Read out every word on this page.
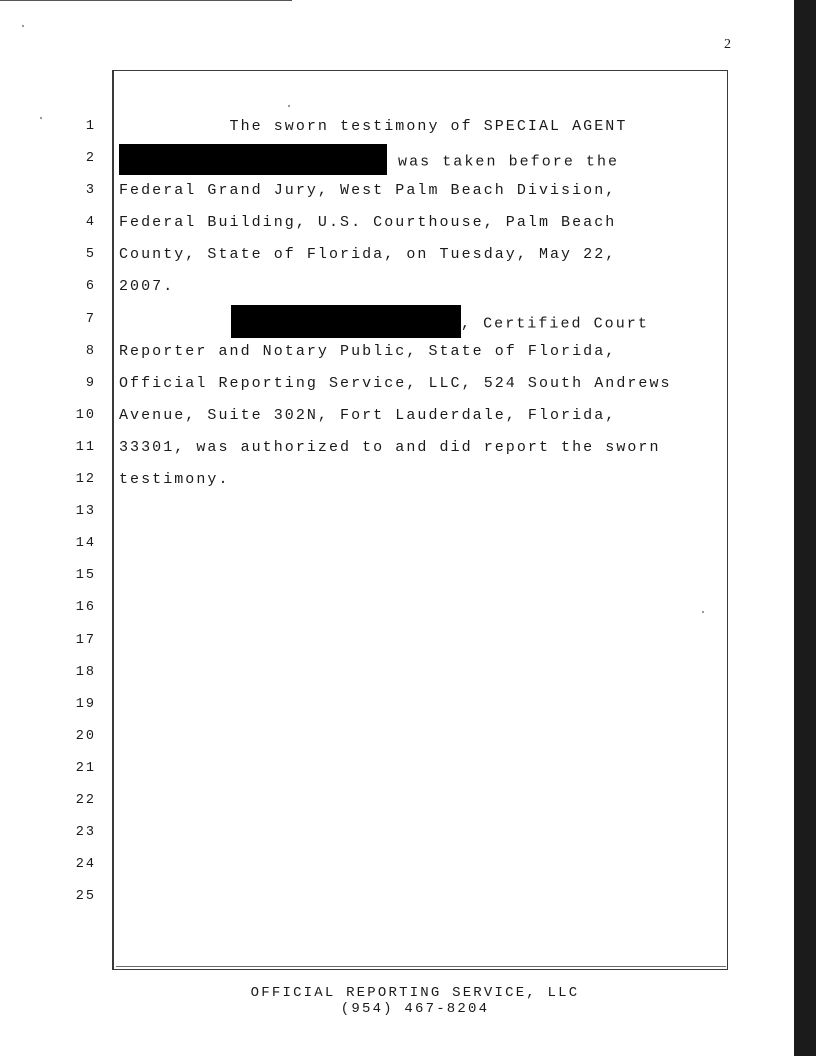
2
1
2
3
4
5
6
7
8
9
10
11
12
13
14
15
16
17
18
19
20
21
22
23
24
25
The sworn testimony of SPECIAL AGENT
was taken before the
Federal Grand Jury, West Palm Beach Division,
Federal Building, U.S. Courthouse, Palm Beach
County, State of Florida, on Tuesday, May 22,
2007.
, Certified Court
Reporter and Notary Public, State of Florida,
Official Reporting Service, LLC, 524 South Andrews
Avenue, Suite 302N, Fort Lauderdale, Florida,
33301, was authorized to and did report the sworn
testimony.
OFFICIAL REPORTING SERVICE, LLC
(954) 467-8204
